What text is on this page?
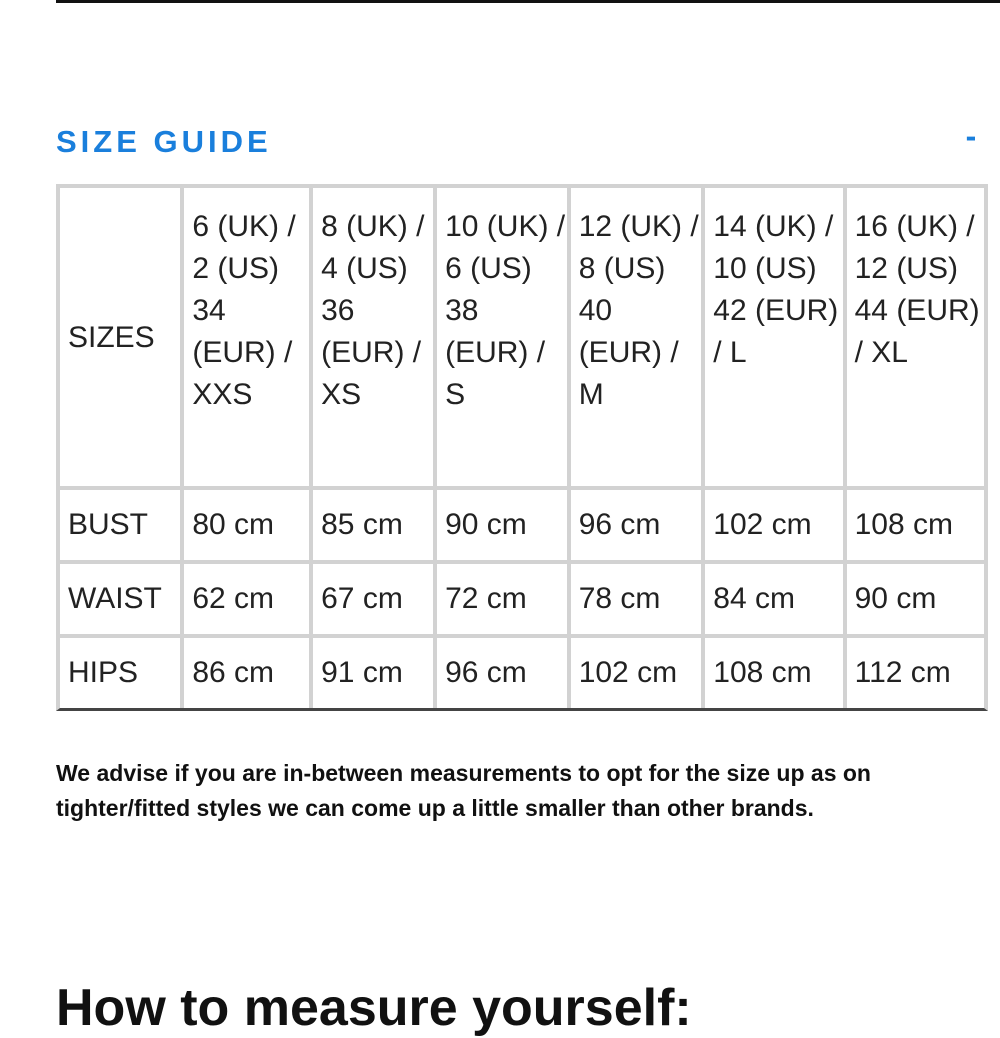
SIZE GUIDE	-
SIZES	6 (UK) / 2 (US) 34 (EUR) / XXS	8 (UK) / 4 (US) 36 (EUR) / XS	10 (UK) / 6 (US) 38 (EUR) / S	12 (UK) / 8 (US) 40 (EUR) / M	14 (UK) / 10 (US) 42 (EUR) / L	16 (UK) / 12 (US) 44 (EUR) / XL
BUST	80 cm	85 cm	90 cm	96 cm	102 cm	108 cm
WAIST	62 cm	67 cm	72 cm	78 cm	84 cm	90 cm
HIPS	86 cm	91 cm	96 cm	102 cm	108 cm	112 cm
We advise if you are in-between measurements to opt for the size up as on tighter/fitted styles we can come up a little smaller than other brands.
How to measure yourself:
